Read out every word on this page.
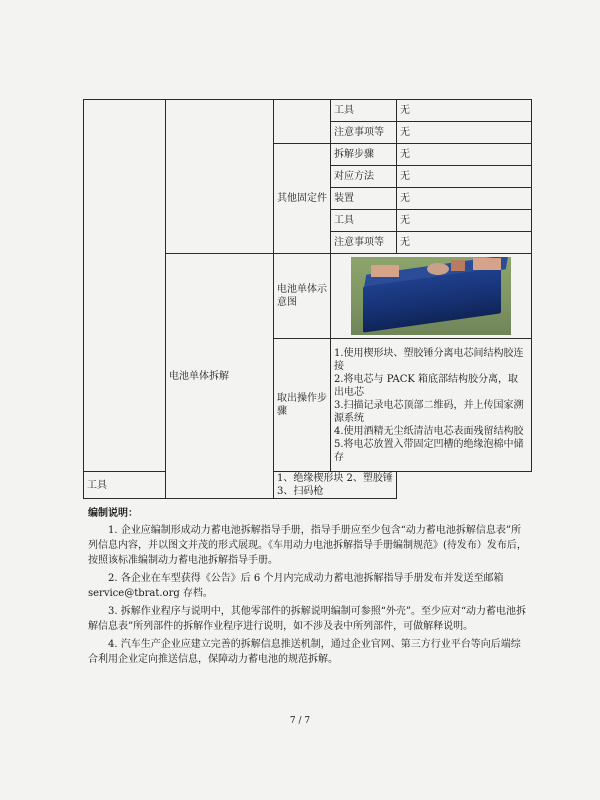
			工具	无
			注意事项等	无
		其他固定件	拆解步骤	无
			对应方法	无
			装置	无
			工具	无
			注意事项等	无
	电池单体拆解	电池单体示意图		

		取出操作步骤	1.使用楔形块、塑胶锤分离电芯间结构胶连接
2.将电芯与 PACK 箱底部结构胶分离，取出电芯
3.扫描记录电芯顶部二维码，并上传国家溯源系统
4.使用酒精无尘纸清洁电芯表面残留结构胶
5.将电芯放置入带固定凹槽的绝缘泡棉中储存	

工具		1、绝缘楔形块 2、塑胶锤 3、扫码枪		
编制说明：

1. 企业应编制形成动力蓄电池拆解指导手册，指导手册应至少包含“动力蓄电池拆解信息表”所列信息内容，并以图文并茂的形式展现。《车用动力电池拆解指导手册编制规范》(待发布）发布后，按照该标准编制动力蓄电池拆解指导手册。

2. 各企业在车型获得《公告》后 6 个月内完成动力蓄电池拆解指导手册发布并发送至邮箱 service@tbrat.org 存档。

3. 拆解作业程序与说明中，其他零部件的拆解说明编制可参照“外壳”。至少应对“动力蓄电池拆解信息表”所列部件的拆解作业程序进行说明，如不涉及表中所列部件，可做解释说明。

4. 汽车生产企业应建立完善的拆解信息推送机制，通过企业官网、第三方行业平台等向后端综合利用企业定向推送信息，保障动力蓄电池的规范拆解。

7 / 7
